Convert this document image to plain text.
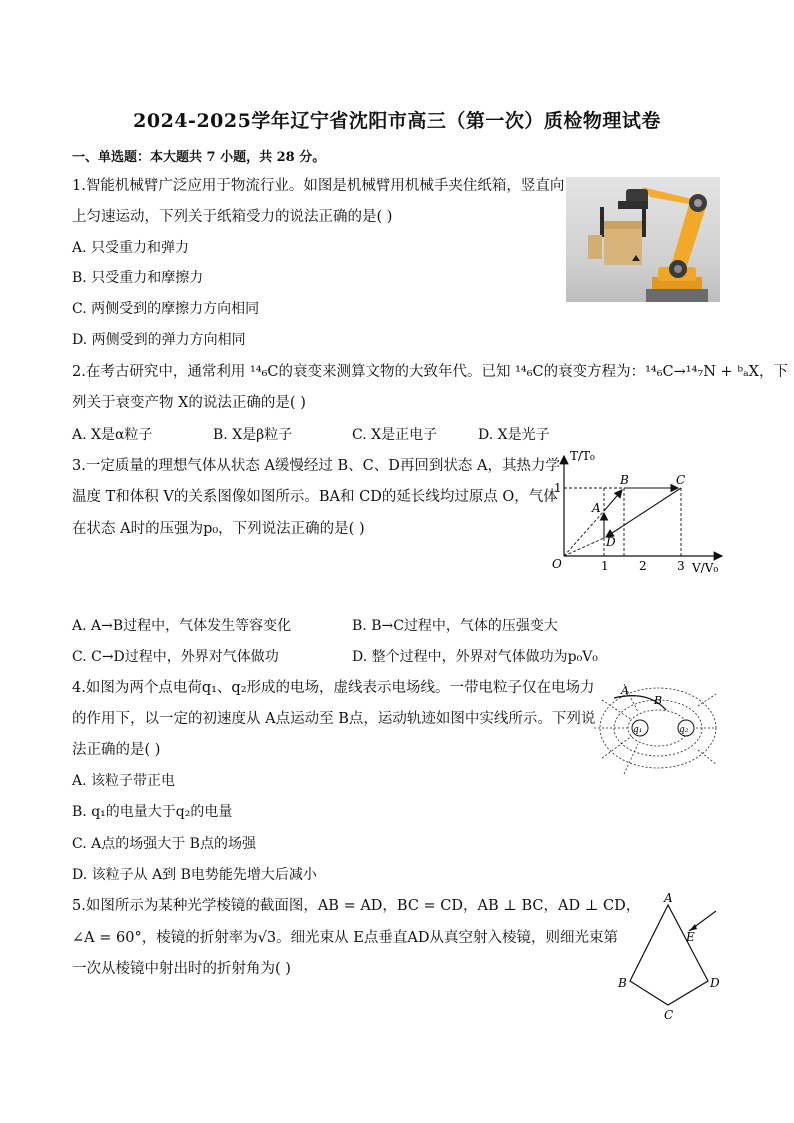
2024-2025学年辽宁省沈阳市高三（第一次）质检物理试卷
一、单选题：本大题共 7 小题，共 28 分。
1.智能机械臂广泛应用于物流行业。如图是机械臂用机械手夹住纸箱，竖直向
上匀速运动，下列关于纸箱受力的说法正确的是( )
A. 只受重力和弹力
B. 只受重力和摩擦力
C. 两侧受到的摩擦力方向相同
D. 两侧受到的弹力方向相同
2.在考古研究中，通常利用 ¹⁴₆C的衰变来测算文物的大致年代。已知 ¹⁴₆C的衰变方程为：¹⁴₆C→¹⁴₇N + ᵇₐX，下
列关于衰变产物 X的说法正确的是( )
A. X是α粒子	B. X是β粒子	C. X是正电子	D. X是光子
3.一定质量的理想气体从状态 A缓慢经过 B、C、D再回到状态 A，其热力学
温度 T和体积 V的关系图像如图所示。BA和 CD的延长线均过原点 O，气体
在状态 A时的压强为p₀，下列说法正确的是( )
A. A→B过程中，气体发生等容变化	B. B→C过程中，气体的压强变大
C. C→D过程中，外界对气体做功	D. 整个过程中，外界对气体做功为p₀V₀
T/T₀
V/V₀
O
1
1	2	3
A
B	C
D
4.如图为两个点电荷q₁、q₂形成的电场，虚线表示电场线。一带电粒子仅在电场力
的作用下，以一定的初速度从 A点运动至 B点，运动轨迹如图中实线所示。下列说
法正确的是( )
A. 该粒子带正电
B. q₁的电量大于q₂的电量
C. A点的场强大于 B点的场强
D. 该粒子从 A到 B电势能先增大后减小
A
B
q₁	q₂
5.如图所示为某种光学棱镜的截面图，AB = AD，BC = CD，AB ⊥ BC，AD ⊥ CD，
∠A = 60°，棱镜的折射率为√3。细光束从 E点垂直AD从真空射入棱镜，则细光束第
一次从棱镜中射出时的折射角为( )
A
B
C
D
E
